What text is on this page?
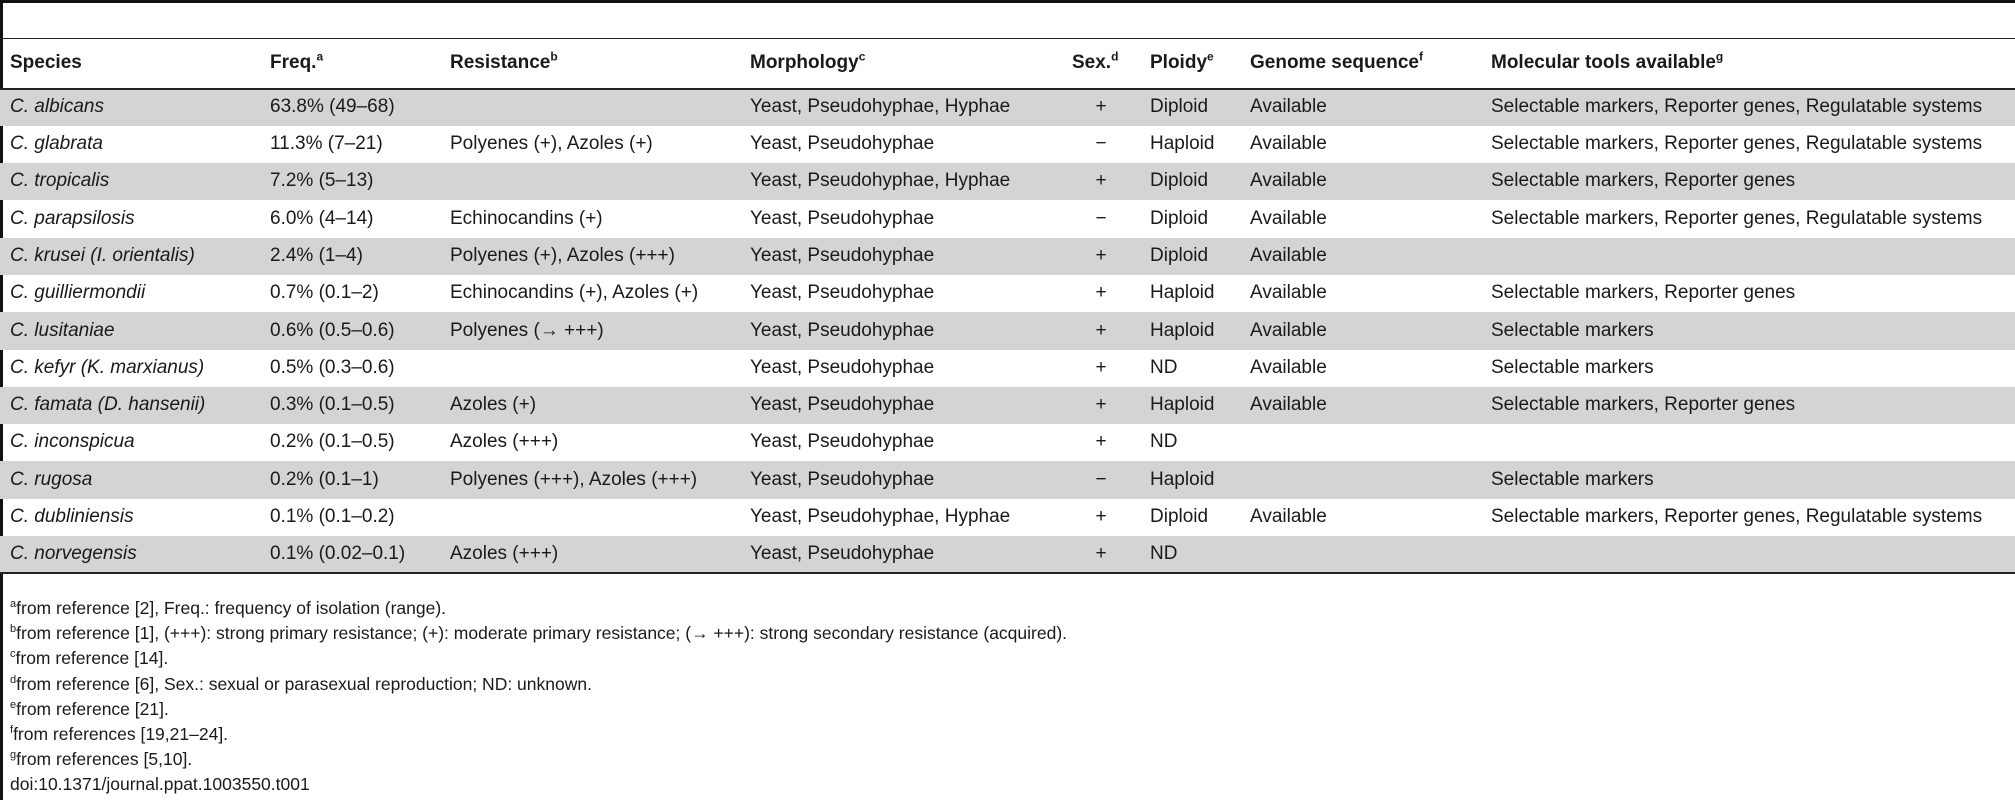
Species	Freq.$^a$	Resistance$^b$	Morphology$^c$	Sex.$^d$	Ploidy$^e$	Genome sequence$^f$	Molecular tools available$^g$
C. albicans	63.8% (49–68)		Yeast, Pseudohyphae, Hyphae	+	Diploid	Available	Selectable markers, Reporter genes, Regulatable systems
C. glabrata	11.3% (7–21)	Polyenes (+), Azoles (+)	Yeast, Pseudohyphae	−	Haploid	Available	Selectable markers, Reporter genes, Regulatable systems
C. tropicalis	7.2% (5–13)		Yeast, Pseudohyphae, Hyphae	+	Diploid	Available	Selectable markers, Reporter genes
C. parapsilosis	6.0% (4–14)	Echinocandins (+)	Yeast, Pseudohyphae	−	Diploid	Available	Selectable markers, Reporter genes, Regulatable systems
C. krusei (I. orientalis)	2.4% (1–4)	Polyenes (+), Azoles (+++)	Yeast, Pseudohyphae	+	Diploid	Available	
C. guilliermondii	0.7% (0.1–2)	Echinocandins (+), Azoles (+)	Yeast, Pseudohyphae	+	Haploid	Available	Selectable markers, Reporter genes
C. lusitaniae	0.6% (0.5–0.6)	Polyenes (→ +++)	Yeast, Pseudohyphae	+	Haploid	Available	Selectable markers
C. kefyr (K. marxianus)	0.5% (0.3–0.6)		Yeast, Pseudohyphae	+	ND	Available	Selectable markers
C. famata (D. hansenii)	0.3% (0.1–0.5)	Azoles (+)	Yeast, Pseudohyphae	+	Haploid	Available	Selectable markers, Reporter genes
C. inconspicua	0.2% (0.1–0.5)	Azoles (+++)	Yeast, Pseudohyphae	+	ND		
C. rugosa	0.2% (0.1–1)	Polyenes (+++), Azoles (+++)	Yeast, Pseudohyphae	−	Haploid		Selectable markers
C. dubliniensis	0.1% (0.1–0.2)		Yeast, Pseudohyphae, Hyphae	+	Diploid	Available	Selectable markers, Reporter genes, Regulatable systems
C. norvegensis	0.1% (0.02–0.1)	Azoles (+++)	Yeast, Pseudohyphae	+	ND		
$^a$from reference [2], Freq.: frequency of isolation (range).
$^b$from reference [1], (+++): strong primary resistance; (+): moderate primary resistance; (→ +++): strong secondary resistance (acquired).
$^c$from reference [14].
$^d$from reference [6], Sex.: sexual or parasexual reproduction; ND: unknown.
$^e$from reference [21].
$^f$from references [19,21–24].
$^g$from references [5,10].
doi:10.1371/journal.ppat.1003550.t001
